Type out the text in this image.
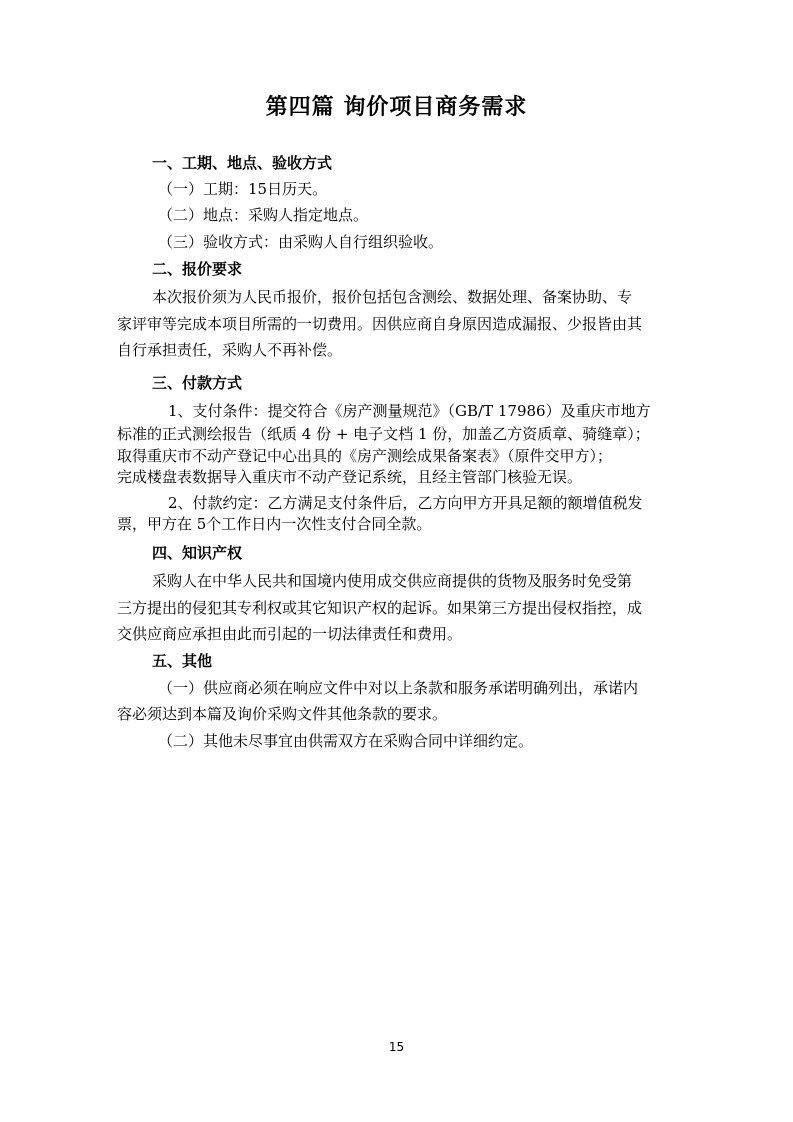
第四篇 询价项目商务需求
一、工期、地点、验收方式
（一）工期：15日历天。
（二）地点：采购人指定地点。
（三）验收方式：由采购人自行组织验收。
二、报价要求
本次报价须为人民币报价，报价包括包含测绘、数据处理、备案协助、专
家评审等完成本项目所需的一切费用。因供应商自身原因造成漏报、少报皆由其
自行承担责任，采购人不再补偿。
三、付款方式
1、支付条件：提交符合《房产测量规范》（GB/T 17986）及重庆市地方
标准的正式测绘报告（纸质 4 份 + 电子文档 1 份，加盖乙方资质章、骑缝章）；
取得重庆市不动产登记中心出具的《房产测绘成果备案表》（原件交甲方）；
完成楼盘表数据导入重庆市不动产登记系统，且经主管部门核验无误。
2、付款约定：乙方满足支付条件后，乙方向甲方开具足额的额增值税发
票，甲方在 5个工作日内一次性支付合同全款。
四、知识产权
采购人在中华人民共和国境内使用成交供应商提供的货物及服务时免受第
三方提出的侵犯其专利权或其它知识产权的起诉。如果第三方提出侵权指控，成
交供应商应承担由此而引起的一切法律责任和费用。
五、其他
（一）供应商必须在响应文件中对以上条款和服务承诺明确列出，承诺内
容必须达到本篇及询价采购文件其他条款的要求。
（二）其他未尽事宜由供需双方在采购合同中详细约定。
15
